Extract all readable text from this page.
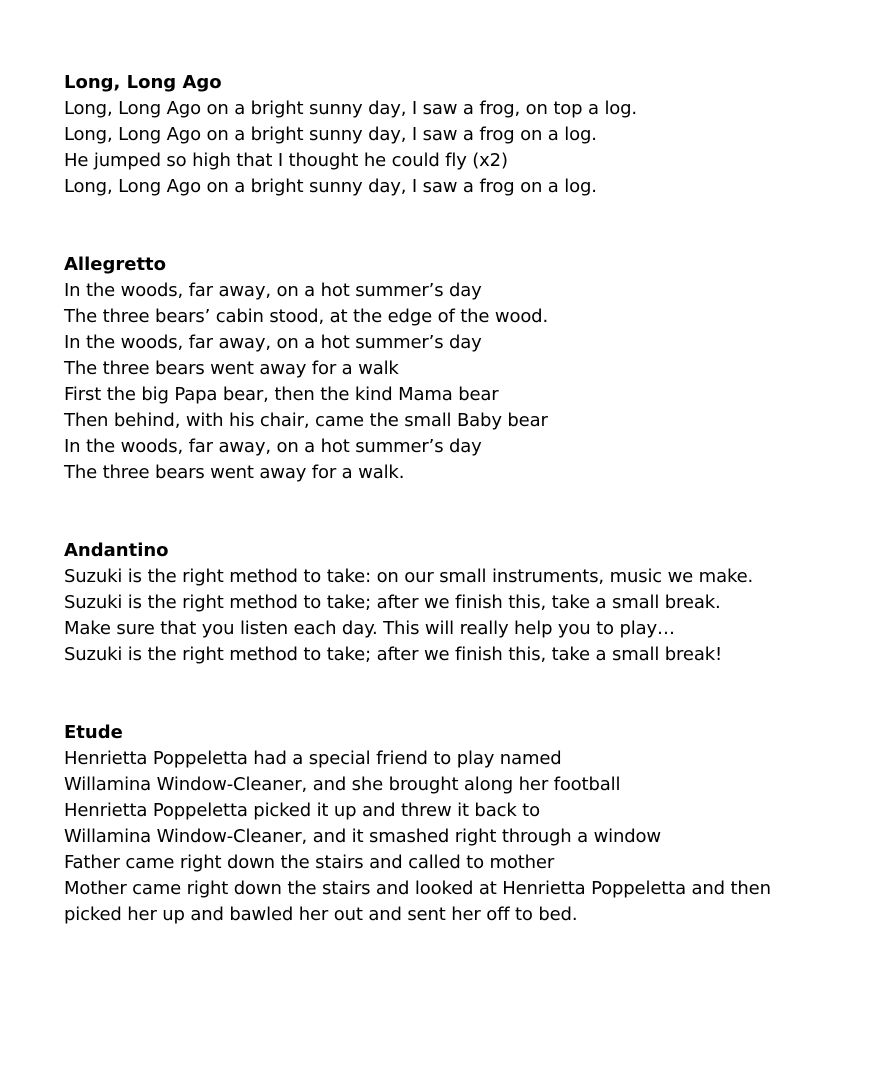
Long, Long Ago

Long, Long Ago on a bright sunny day, I saw a frog, on top a log.

Long, Long Ago on a bright sunny day, I saw a frog on a log.

He jumped so high that I thought he could fly (x2)

Long, Long Ago on a bright sunny day, I saw a frog on a log.

Allegretto

In the woods, far away, on a hot summer’s day

The three bears’ cabin stood, at the edge of the wood.

In the woods, far away, on a hot summer’s day

The three bears went away for a walk

First the big Papa bear, then the kind Mama bear

Then behind, with his chair, came the small Baby bear

In the woods, far away, on a hot summer’s day

The three bears went away for a walk.

Andantino

Suzuki is the right method to take: on our small instruments, music we make.

Suzuki is the right method to take; after we finish this, take a small break.

Make sure that you listen each day. This will really help you to play…

Suzuki is the right method to take; after we finish this, take a small break!

Etude

Henrietta Poppeletta had a special friend to play named

Willamina Window-Cleaner, and she brought along her football

Henrietta Poppeletta picked it up and threw it back to

Willamina Window-Cleaner, and it smashed right through a window

Father came right down the stairs and called to mother

Mother came right down the stairs and looked at Henrietta Poppeletta and then

picked her up and bawled her out and sent her off to bed.
